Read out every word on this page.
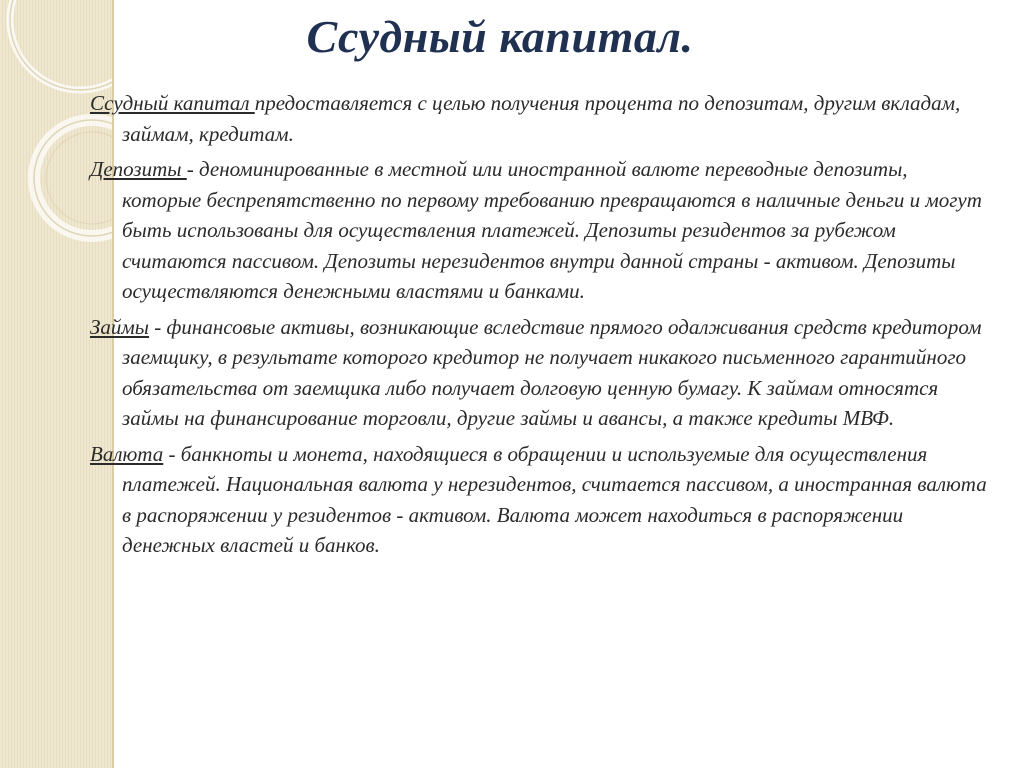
Ссудный капитал.

Ссудный капитал предоставляется с целью получения процента по депозитам, другим вкладам, займам, кредитам.

Депозиты - деноминированные в местной или иностранной валюте переводные депозиты, которые беспрепятственно по первому требованию превращаются в наличные деньги и могут быть использованы для осуществления платежей. Депозиты резидентов за рубежом считаются пассивом. Депозиты нерезидентов внутри данной страны - активом. Депозиты осуществляются денежными властями и банками.

Займы - финансовые активы, возникающие вследствие прямого одалживания средств кредитором заемщику, в результате которого кредитор не получает никакого письменного гарантийного обязательства от заемщика либо получает долговую ценную бумагу. К займам относятся займы на финансирование торговли, другие займы и авансы, а также кредиты МВФ.

Валюта - банкноты и монета, находящиеся в обращении и используемые для осуществления платежей. Национальная валюта у нерезидентов, считается пассивом, а иностранная валюта в распоряжении у резидентов - активом. Валюта может находиться в распоряжении денежных властей и банков.
